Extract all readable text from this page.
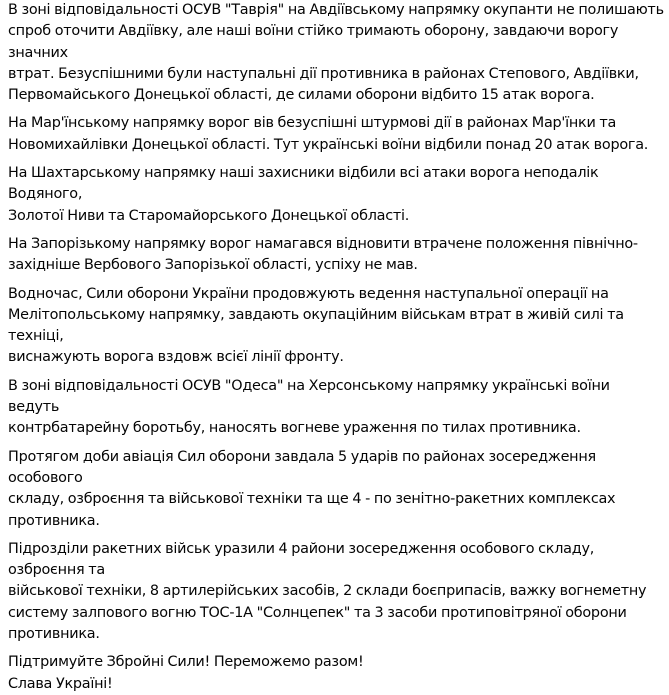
В зоні відповідальності ОСУВ "Таврія" на Авдіївському напрямку окупанти не полишають
спроб оточити Авдіївку, але наші воїни стійко тримають оборону, завдаючи ворогу значних
втрат. Безуспішними були наступальні дії противника в районах Степового, Авдіївки,
Первомайського Донецької області, де силами оборони відбито 15 атак ворога.

На Мар'їнському напрямку ворог вів безуспішні штурмові дії в районах Мар'їнки та
Новомихайлівки Донецької області. Тут українські воїни відбили понад 20 атак ворога.

На Шахтарському напрямку наші захисники відбили всі атаки ворога неподалік Водяного,
Золотої Ниви та Старомайорського Донецької області.

На Запорізькому напрямку ворог намагався відновити втрачене положення північно-
західніше Вербового Запорізької області, успіху не мав.

Водночас, Сили оборони України продовжують ведення наступальної операції на
Мелітопольському напрямку, завдають окупаційним військам втрат в живій силі та техніці,
виснажують ворога вздовж всієї лінії фронту.

В зоні відповідальності ОСУВ "Одеса" на Херсонському напрямку українські воїни ведуть
контрбатарейну боротьбу, наносять вогневе ураження по тилах противника.

Протягом доби авіація Сил оборони завдала 5 ударів по районах зосередження особового
складу, озброєння та військової техніки та ще 4 - по зенітно-ракетних комплексах
противника.

Підрозділи ракетних військ уразили 4 райони зосередження особового складу, озброєння та
військової техніки, 8 артилерійських засобів, 2 склади боєприпасів, важку вогнеметну
систему залпового вогню ТОС-1А "Солнцепек" та 3 засоби протиповітряної оборони
противника.

Підтримуйте Збройні Сили! Переможемо разом!

Слава Україні!
